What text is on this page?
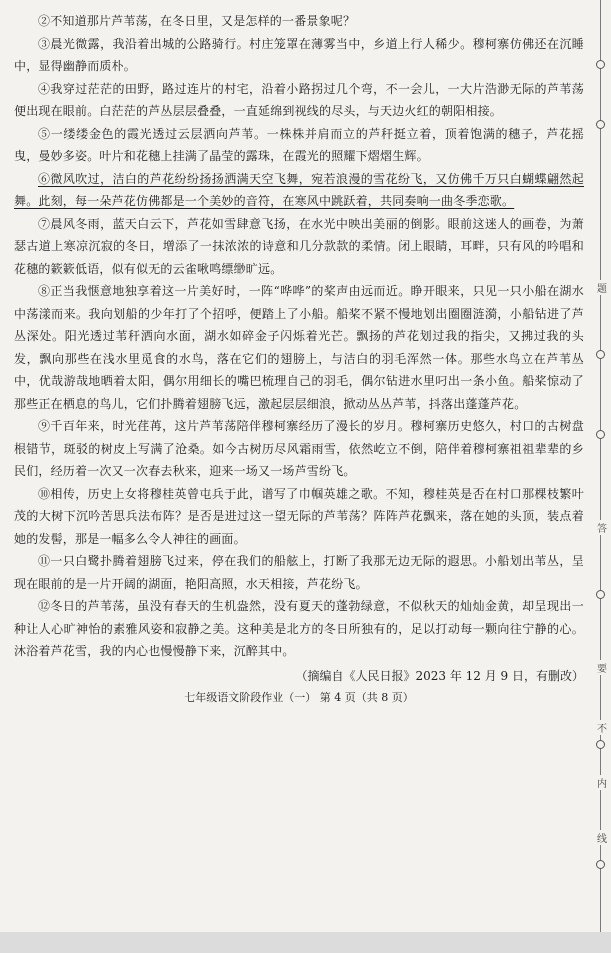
②不知道那片芦苇荡，在冬日里，又是怎样的一番景象呢？

③晨光微露，我沿着出城的公路骑行。村庄笼罩在薄雾当中，乡道上行人稀少。穆柯寨仿佛还在沉睡中，显得幽静而质朴。

④我穿过茫茫的田野，路过连片的村宅，沿着小路拐过几个弯，不一会儿，一大片浩渺无际的芦苇荡便出现在眼前。白茫茫的芦丛层层叠叠，一直延绵到视线的尽头，与天边火红的朝阳相接。

⑤一缕缕金色的霞光透过云层洒向芦苇。一株株并肩而立的芦秆挺立着，顶着饱满的穗子，芦花摇曳，曼妙多姿。叶片和花穗上挂满了晶莹的露珠，在霞光的照耀下熠熠生辉。

⑥微风吹过，洁白的芦花纷纷扬扬洒满天空飞舞，宛若浪漫的雪花纷飞，又仿佛千万只白蝴蝶翩然起舞。此刻，每一朵芦花仿佛都是一个美妙的音符，在寒风中跳跃着，共同奏响一曲冬季恋歌。

⑦晨风冬雨，蓝天白云下，芦花如雪肆意飞扬，在水光中映出美丽的倒影。眼前这迷人的画卷，为萧瑟古道上寒凉沉寂的冬日，增添了一抹浓浓的诗意和几分款款的柔情。闭上眼睛，耳畔，只有风的吟唱和花穗的簌簌低语，似有似无的云雀啾鸣缥缈旷远。

⑧正当我惬意地独享着这一片美好时，一阵“哗哗”的桨声由远而近。睁开眼来，只见一只小船在湖水中荡漾而来。我向划船的少年打了个招呼，便踏上了小船。船桨不紧不慢地划出圈圈涟漪，小船钻进了芦丛深处。阳光透过苇秆洒向水面，湖水如碎金子闪烁着光芒。飘扬的芦花划过我的指尖，又拂过我的头发，飘向那些在浅水里觅食的水鸟，落在它们的翅膀上，与洁白的羽毛浑然一体。那些水鸟立在芦苇丛中，优哉游哉地晒着太阳，偶尔用细长的嘴巴梳理自己的羽毛，偶尔钻进水里叼出一条小鱼。船桨惊动了那些正在栖息的鸟儿，它们扑腾着翅膀飞远，激起层层细浪，掀动丛丛芦苇，抖落出蓬蓬芦花。

⑨千百年来，时光荏苒，这片芦苇荡陪伴穆柯寨经历了漫长的岁月。穆柯寨历史悠久，村口的古树盘根错节，斑驳的树皮上写满了沧桑。如今古树历尽风霜雨雪，依然屹立不倒，陪伴着穆柯寨祖祖辈辈的乡民们，经历着一次又一次春去秋来，迎来一场又一场芦雪纷飞。

⑩相传，历史上女将穆桂英曾屯兵于此，谱写了巾帼英雄之歌。不知，穆桂英是否在村口那棵枝繁叶茂的大树下沉吟苦思兵法布阵？是否是进过这一望无际的芦苇荡？阵阵芦花飘来，落在她的头顶，装点着她的发髻，那是一幅多么令人神往的画面。

⑪一只白鹭扑腾着翅膀飞过来，停在我们的船舷上，打断了我那无边无际的遐思。小船划出苇丛，呈现在眼前的是一片开阔的湖面，艳阳高照，水天相接，芦花纷飞。

⑫冬日的芦苇荡，虽没有春天的生机盎然，没有夏天的蓬勃绿意，不似秋天的灿灿金黄，却呈现出一种让人心旷神怡的素雅风姿和寂静之美。这种美是北方的冬日所独有的，足以打动每一颗向往宁静的心。沐浴着芦花雪，我的内心也慢慢静下来，沉醉其中。

（摘编自《人民日报》2023 年 12 月 9 日，有删改）

七年级语文阶段作业（一） 第 4 页（共 8 页）

题
答
要
不
内
线
